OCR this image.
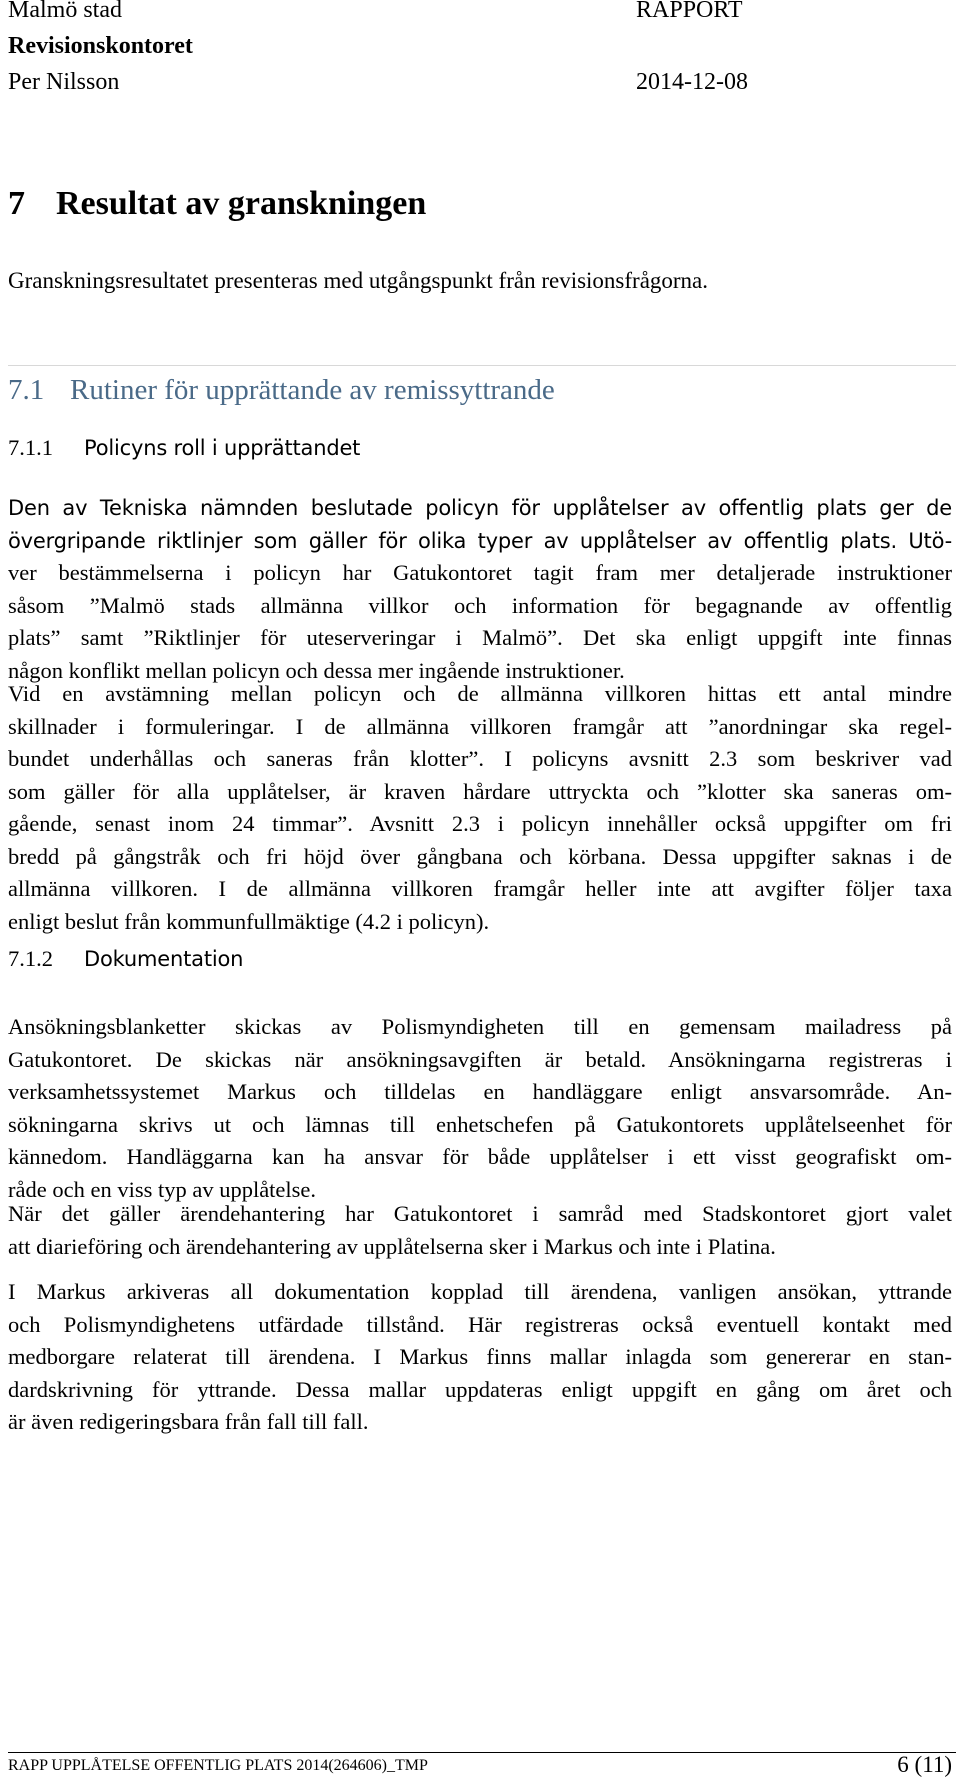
Malmö stad
Revisionskontoret
Per Nilsson
RAPPORT
2014-12-08
7 Resultat av granskningen
Granskningsresultatet presenteras med utgångspunkt från revisionsfrågorna.
7.1 Rutiner för upprättande av remissyttrande
7.1.1 Policyns roll i upprättandet
Den av Tekniska nämnden beslutade policyn för upplåtelser av offentlig plats ger de
övergripande riktlinjer som gäller för olika typer av upplåtelser av offentlig plats. Utö-
ver bestämmelserna i policyn har Gatukontoret tagit fram mer detaljerade instruktioner
såsom ”Malmö stads allmänna villkor och information för begagnande av offentlig
plats” samt ”Riktlinjer för uteserveringar i Malmö”. Det ska enligt uppgift inte finnas
någon konflikt mellan policyn och dessa mer ingående instruktioner.
Vid en avstämning mellan policyn och de allmänna villkoren hittas ett antal mindre
skillnader i formuleringar. I de allmänna villkoren framgår att ”anordningar ska regel-
bundet underhållas och saneras från klotter”. I policyns avsnitt 2.3 som beskriver vad
som gäller för alla upplåtelser, är kraven hårdare uttryckta och ”klotter ska saneras om-
gående, senast inom 24 timmar”. Avsnitt 2.3 i policyn innehåller också uppgifter om fri
bredd på gångstråk och fri höjd över gångbana och körbana. Dessa uppgifter saknas i de
allmänna villkoren. I de allmänna villkoren framgår heller inte att avgifter följer taxa
enligt beslut från kommunfullmäktige (4.2 i policyn).
7.1.2 Dokumentation
Ansökningsblanketter skickas av Polismyndigheten till en gemensam mailadress på
Gatukontoret. De skickas när ansökningsavgiften är betald. Ansökningarna registreras i
verksamhetssystemet Markus och tilldelas en handläggare enligt ansvarsområde. An-
sökningarna skrivs ut och lämnas till enhetschefen på Gatukontorets upplåtelseenhet för
kännedom. Handläggarna kan ha ansvar för både upplåtelser i ett visst geografiskt om-
råde och en viss typ av upplåtelse.
När det gäller ärendehantering har Gatukontoret i samråd med Stadskontoret gjort valet
att diarieföring och ärendehantering av upplåtelserna sker i Markus och inte i Platina.
I Markus arkiveras all dokumentation kopplad till ärendena, vanligen ansökan, yttrande
och Polismyndighetens utfärdade tillstånd. Här registreras också eventuell kontakt med
medborgare relaterat till ärendena. I Markus finns mallar inlagda som genererar en stan-
dardskrivning för yttrande. Dessa mallar uppdateras enligt uppgift en gång om året och
är även redigeringsbara från fall till fall.
RAPP UPPLÅTELSE OFFENTLIG PLATS 2014(264606)_TMP	6 (11)
